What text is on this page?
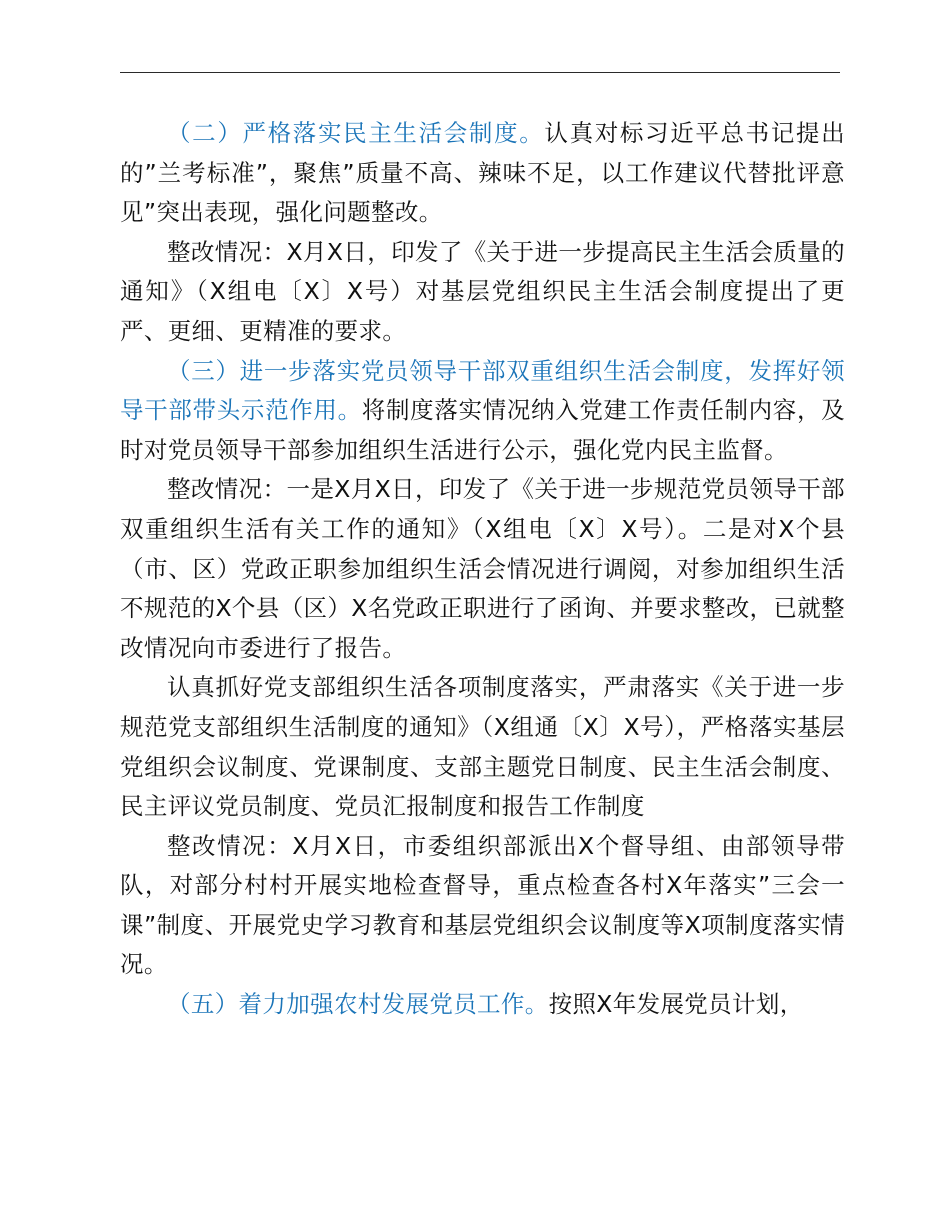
（二）严格落实民主生活会制度。认真对标习近平总书记提出的”兰考标准”，聚焦”质量不高、辣味不足，以工作建议代替批评意见”突出表现，强化问题整改。

整改情况：X月X日，印发了《关于进一步提高民主生活会质量的通知》（X组电〔X〕X号）对基层党组织民主生活会制度提出了更严、更细、更精准的要求。

（三）进一步落实党员领导干部双重组织生活会制度，发挥好领导干部带头示范作用。将制度落实情况纳入党建工作责任制内容，及时对党员领导干部参加组织生活进行公示，强化党内民主监督。

整改情况：一是X月X日，印发了《关于进一步规范党员领导干部双重组织生活有关工作的通知》（X组电〔X〕X号）。二是对X个县（市、区）党政正职参加组织生活会情况进行调阅，对参加组织生活不规范的X个县（区）X名党政正职进行了函询、并要求整改，已就整改情况向市委进行了报告。

认真抓好党支部组织生活各项制度落实，严肃落实《关于进一步规范党支部组织生活制度的通知》（X组通〔X〕X号），严格落实基层党组织会议制度、党课制度、支部主题党日制度、民主生活会制度、民主评议党员制度、党员汇报制度和报告工作制度

整改情况：X月X日，市委组织部派出X个督导组、由部领导带队，对部分村村开展实地检查督导，重点检查各村X年落实”三会一课”制度、开展党史学习教育和基层党组织会议制度等X项制度落实情况。

（五）着力加强农村发展党员工作。按照X年发展党员计划，
